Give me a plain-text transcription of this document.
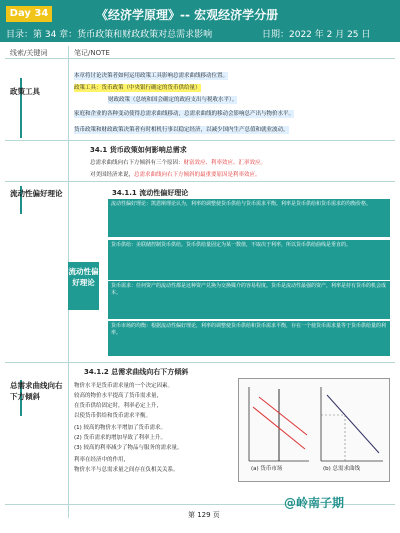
Day 34	《经济学原理》-- 宏观经济学分册
目录：第 34 章：货币政策和财政政策对总需求影响	日期：2022 年 2 月 25 日
线索/关键词	笔记/NOTE
政策工具
本章将讨论决策者如何运用政策工具影响总需求曲线移动位置。
政策工具：货币政策（中央银行确定的货币供给量）
财政政策（总统和国会确定的政府支出与税收水平）。
家庭和企业的各种变动使得总需求曲线移动，总需求曲线的移动会影响总产出与物价水平。
货币政策和财政政策决策者有时相机行事以稳定经济，以减少国内生产总值和就业波动。
34.1 货币政策如何影响总需求
总需求曲线向右下方倾斜有三个原因：财富效应、利率效应、汇率效应。
对美国经济来说，总需求曲线向右下方倾斜的最重要原因是利率效应。
流动性偏好理论	34.1.1 流动性偏好理论
流动性偏好理论
流动性偏好理论：凯恩斯理论认为，利率的调整使货币供给与货币需求平衡。利率是货币供给和货币需求的均衡价格。
货币供给：美联储控制货币供给。货币供给量固定为某一数值，不取决于利率，所以货币供给曲线是垂直的。
货币需求：任何资产的流动性都是这种资产兑换为交换媒介的容易程度。货币是流动性最强的资产，利率是持有货币的机会成本。
货币市场的均衡：根据流动性偏好理论，利率的调整使货币供给和货币需求平衡，存在一个使货币需求量等于货币供给量的利率。
总需求曲线向右下方倾斜
34.1.2 总需求曲线向右下方倾斜
物价水平是货币需求量的一个决定因素。
较高的物价水平提高了货币需求量，
在货币供给固定时，利率必定上升，
以使货币供给和货币需求平衡。
(1) 较高的物价水平增加了货币需求。
(2) 货币需求的增加导致了利率上升。
(3) 较高的利率减少了物品与服务的需求量。
利率在经济中的作用，
物价水平与总需求量之间存在负相关关系。	(a) 货币市场	(b) 总需求曲线
第 129 页
@岭南子期
